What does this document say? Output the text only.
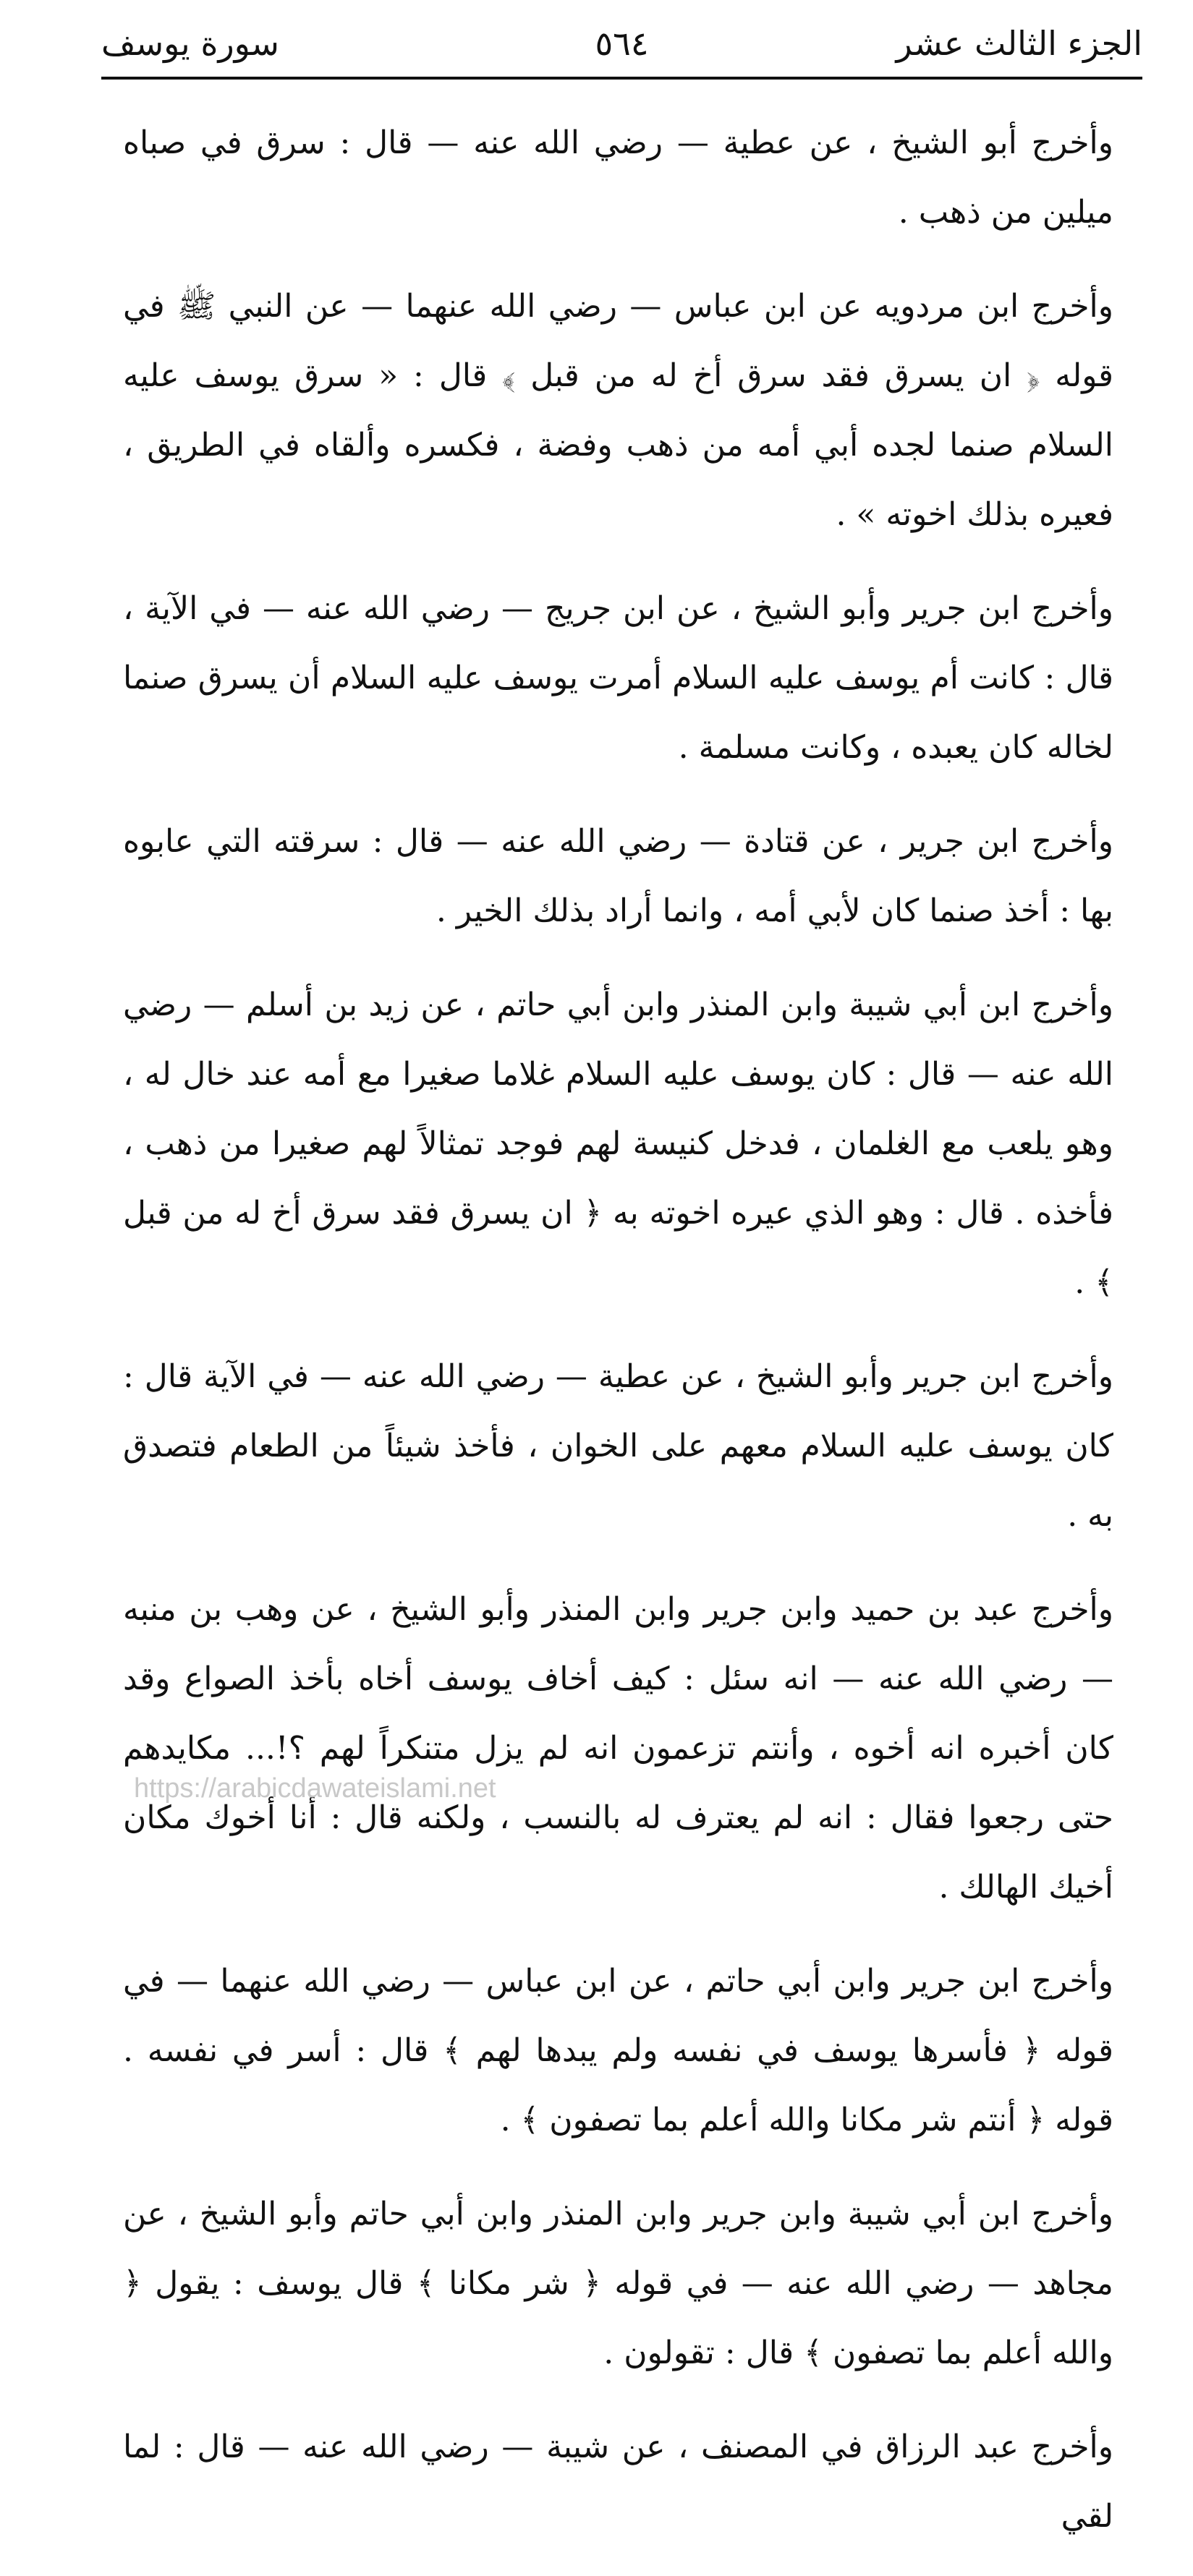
الجزء الثالث عشر
٥٦٤
سورة يوسف

وأخرج أبو الشيخ ، عن عطية — رضي الله عنه — قال : سرق في صباه ميلين من ذهب .

وأخرج ابن مردويه عن ابن عباس — رضي الله عنهما — عن النبي ﷺ في قوله ﴿ ان يسرق فقد سرق أخ له من قبل ﴾ قال : « سرق يوسف عليه السلام صنما لجده أبي أمه من ذهب وفضة ، فكسره وألقاه في الطريق ، فعيره بذلك اخوته » .

وأخرج ابن جرير وأبو الشيخ ، عن ابن جريج — رضي الله عنه — في الآية ، قال : كانت أم يوسف عليه السلام أمرت يوسف عليه السلام أن يسرق صنما لخاله كان يعبده ، وكانت مسلمة .

وأخرج ابن جرير ، عن قتادة — رضي الله عنه — قال : سرقته التي عابوه بها : أخذ صنما كان لأبي أمه ، وانما أراد بذلك الخير .

وأخرج ابن أبي شيبة وابن المنذر وابن أبي حاتم ، عن زيد بن أسلم — رضي الله عنه — قال : كان يوسف عليه السلام غلاما صغيرا مع أمه عند خال له ، وهو يلعب مع الغلمان ، فدخل كنيسة لهم فوجد تمثالاً لهم صغيرا من ذهب ، فأخذه . قال : وهو الذي عيره اخوته به ﴿ ان يسرق فقد سرق أخ له من قبل ﴾ .

وأخرج ابن جرير وأبو الشيخ ، عن عطية — رضي الله عنه — في الآية قال : كان يوسف عليه السلام معهم على الخوان ، فأخذ شيئاً من الطعام فتصدق به .

وأخرج عبد بن حميد وابن جرير وابن المنذر وأبو الشيخ ، عن وهب بن منبه — رضي الله عنه — انه سئل : كيف أخاف يوسف أخاه بأخذ الصواع وقد كان أخبره انه أخوه ، وأنتم تزعمون انه لم يزل متنكراً لهم ؟!... مكايدهم حتى رجعوا فقال : انه لم يعترف له بالنسب ، ولكنه قال : أنا أخوك مكان أخيك الهالك .

وأخرج ابن جرير وابن أبي حاتم ، عن ابن عباس — رضي الله عنهما — في قوله ﴿ فأسرها يوسف في نفسه ولم يبدها لهم ﴾ قال : أسر في نفسه . قوله ﴿ أنتم شر مكانا والله أعلم بما تصفون ﴾ .

وأخرج ابن أبي شيبة وابن جرير وابن المنذر وابن أبي حاتم وأبو الشيخ ، عن مجاهد — رضي الله عنه — في قوله ﴿ شر مكانا ﴾ قال يوسف : يقول ﴿ والله أعلم بما تصفون ﴾ قال : تقولون .

وأخرج عبد الرزاق في المصنف ، عن شيبة — رضي الله عنه — قال : لما لقي

https://arabicdawateislami.net
